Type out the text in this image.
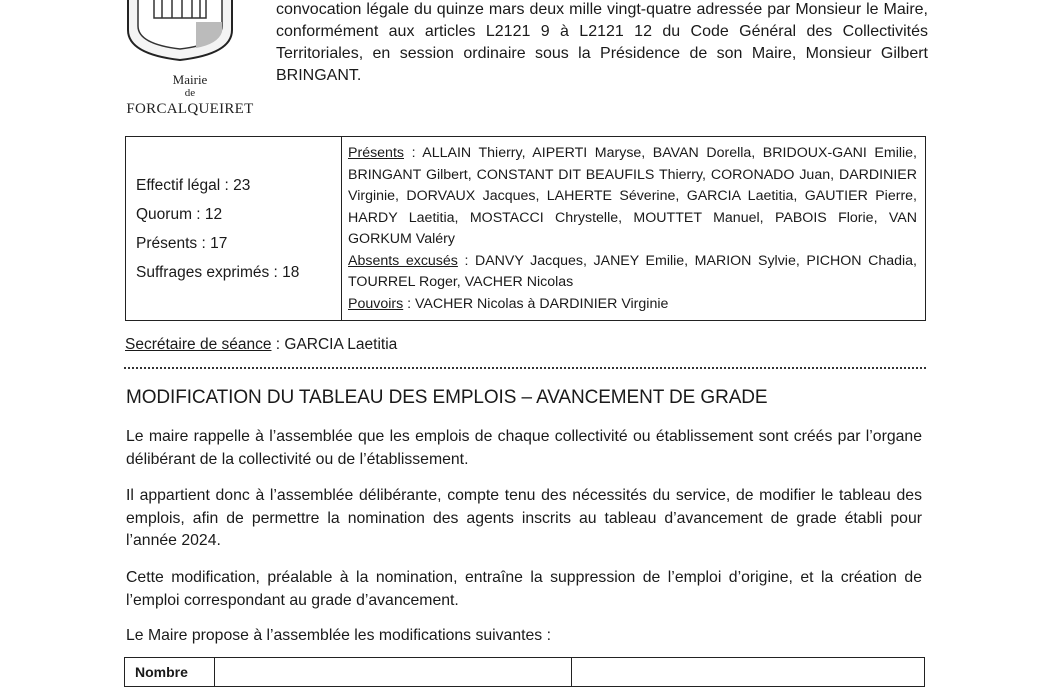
Mairie
de
FORCALQUEIRET
convocation légale du quinze mars deux mille vingt-quatre adressée par Monsieur le Maire, conformément aux articles L2121 9 à L2121 12 du Code Général des Collectivités Territoriales, en session ordinaire sous la Présidence de son Maire, Monsieur Gilbert BRINGANT.
Effectif légal : 23
Quorum : 12
Présents : 17
Suffrages exprimés : 18
Présents : ALLAIN Thierry, AIPERTI Maryse, BAVAN Dorella, BRIDOUX-GANI Emilie, BRINGANT Gilbert, CONSTANT DIT BEAUFILS Thierry, CORONADO Juan, DARDINIER Virginie, DORVAUX Jacques, LAHERTE Séverine, GARCIA Laetitia, GAUTIER Pierre, HARDY Laetitia, MOSTACCI Chrystelle, MOUTTET Manuel, PABOIS Florie, VAN GORKUM Valéry
Absents excusés : DANVY Jacques, JANEY Emilie, MARION Sylvie, PICHON Chadia, TOURREL Roger, VACHER Nicolas
Pouvoirs : VACHER Nicolas à DARDINIER Virginie
Secrétaire de séance : GARCIA Laetitia
MODIFICATION DU TABLEAU DES EMPLOIS – AVANCEMENT DE GRADE

Le maire rappelle à l’assemblée que les emplois de chaque collectivité ou établissement sont créés par l’organe délibérant de la collectivité ou de l’établissement.

Il appartient donc à l’assemblée délibérante, compte tenu des nécessités du service, de modifier le tableau des emplois, afin de permettre la nomination des agents inscrits au tableau d’avancement de grade établi pour l’année 2024.

Cette modification, préalable à la nomination, entraîne la suppression de l’emploi d’origine, et la création de l’emploi correspondant au grade d’avancement.

Le Maire propose à l’assemblée les modifications suivantes :

Nombre
